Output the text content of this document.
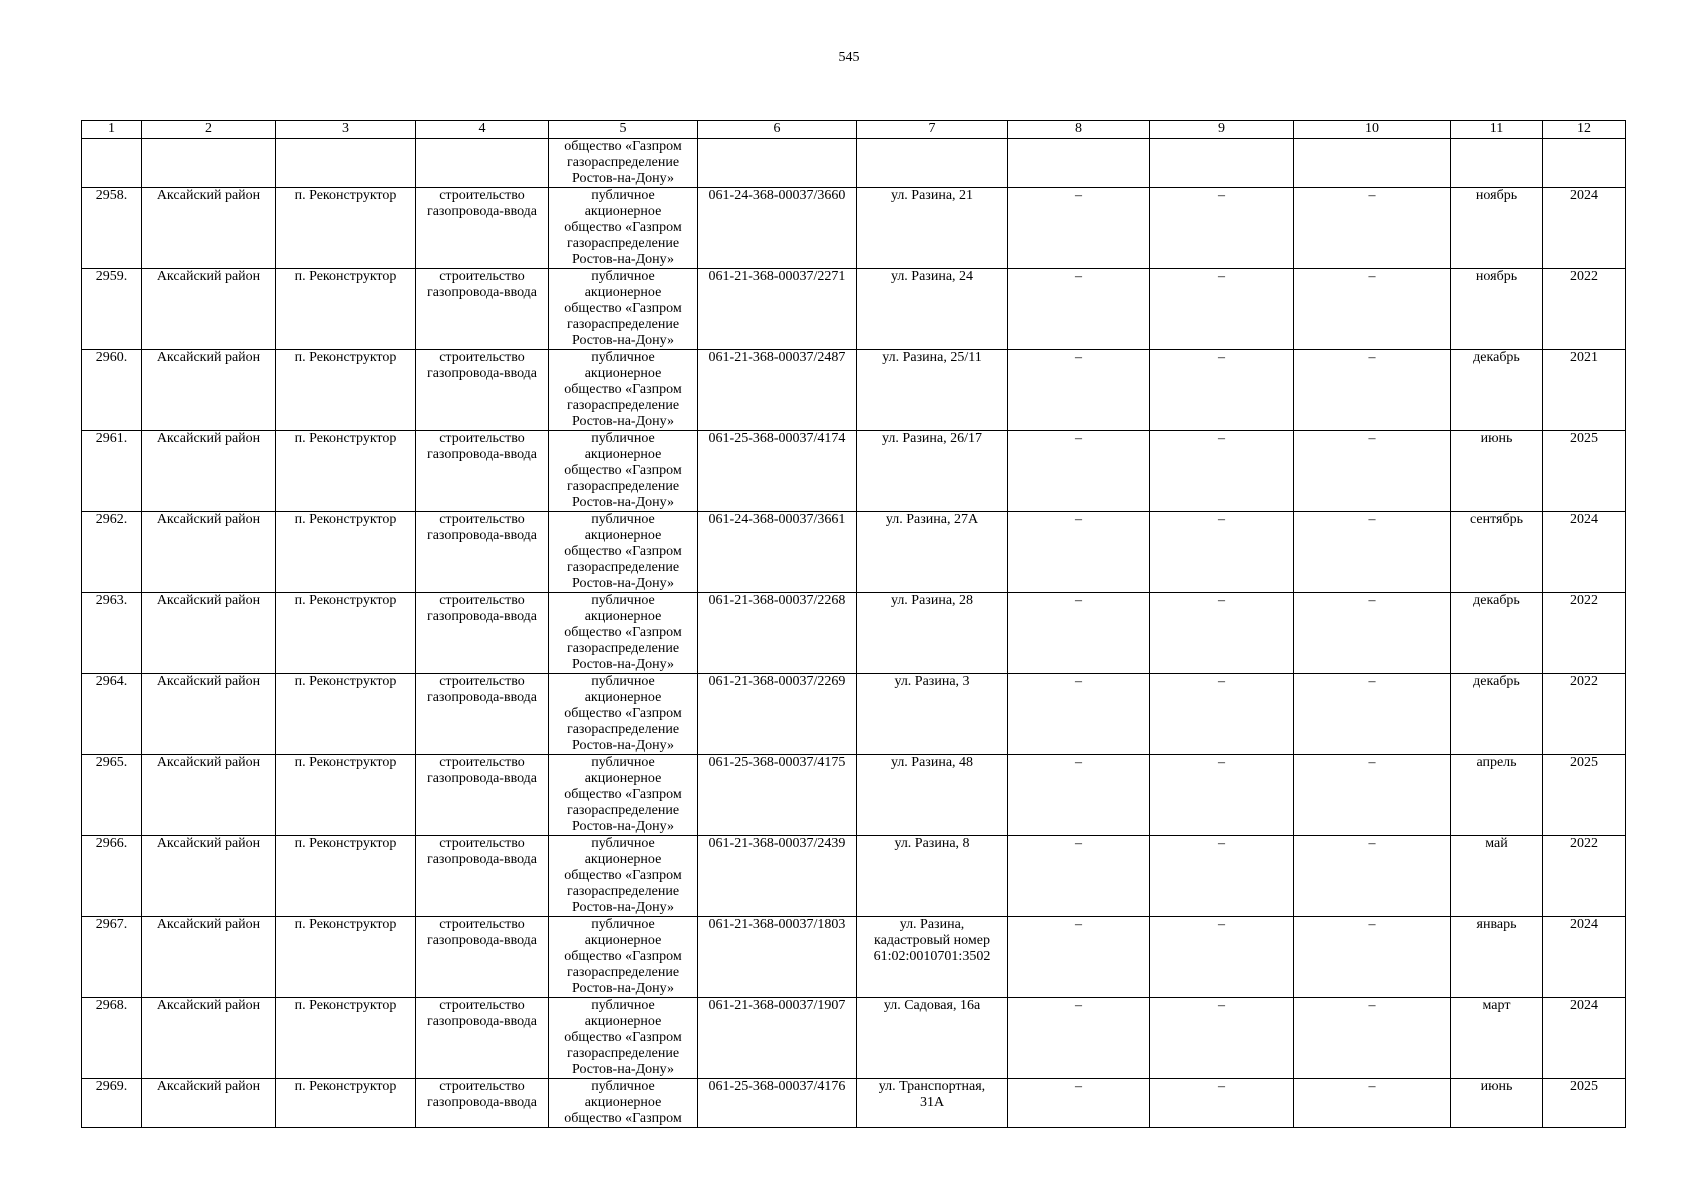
545
1	2	3	4	5	6	7	8	9	10	11	12

				общество «Газпром
газораспределение
Ростов-на-Дону»							

2958.	Аксайский район	п. Реконструктор	строительство газопровода-ввода	публичное
акционерное
общество «Газпром
газораспределение
Ростов-на-Дону»	061-24-368-00037/3660	ул. Разина, 21	–	–	–	ноябрь	2024

2959.	Аксайский район	п. Реконструктор	строительство газопровода-ввода	публичное
акционерное
общество «Газпром
газораспределение
Ростов-на-Дону»	061-21-368-00037/2271	ул. Разина, 24	–	–	–	ноябрь	2022

2960.	Аксайский район	п. Реконструктор	строительство газопровода-ввода	публичное
акционерное
общество «Газпром
газораспределение
Ростов-на-Дону»	061-21-368-00037/2487	ул. Разина, 25/11	–	–	–	декабрь	2021

2961.	Аксайский район	п. Реконструктор	строительство газопровода-ввода	публичное
акционерное
общество «Газпром
газораспределение
Ростов-на-Дону»	061-25-368-00037/4174	ул. Разина, 26/17	–	–	–	июнь	2025

2962.	Аксайский район	п. Реконструктор	строительство газопровода-ввода	публичное
акционерное
общество «Газпром
газораспределение
Ростов-на-Дону»	061-24-368-00037/3661	ул. Разина, 27А	–	–	–	сентябрь	2024

2963.	Аксайский район	п. Реконструктор	строительство газопровода-ввода	публичное
акционерное
общество «Газпром
газораспределение
Ростов-на-Дону»	061-21-368-00037/2268	ул. Разина, 28	–	–	–	декабрь	2022

2964.	Аксайский район	п. Реконструктор	строительство газопровода-ввода	публичное
акционерное
общество «Газпром
газораспределение
Ростов-на-Дону»	061-21-368-00037/2269	ул. Разина, 3	–	–	–	декабрь	2022

2965.	Аксайский район	п. Реконструктор	строительство газопровода-ввода	публичное
акционерное
общество «Газпром
газораспределение
Ростов-на-Дону»	061-25-368-00037/4175	ул. Разина, 48	–	–	–	апрель	2025

2966.	Аксайский район	п. Реконструктор	строительство газопровода-ввода	публичное
акционерное
общество «Газпром
газораспределение
Ростов-на-Дону»	061-21-368-00037/2439	ул. Разина, 8	–	–	–	май	2022

2967.	Аксайский район	п. Реконструктор	строительство газопровода-ввода	публичное
акционерное
общество «Газпром
газораспределение
Ростов-на-Дону»	061-21-368-00037/1803	ул. Разина,
кадастровый номер
61:02:0010701:3502	–	–	–	январь	2024

2968.	Аксайский район	п. Реконструктор	строительство газопровода-ввода	публичное
акционерное
общество «Газпром
газораспределение
Ростов-на-Дону»	061-21-368-00037/1907	ул. Садовая, 16а	–	–	–	март	2024

2969.	Аксайский район	п. Реконструктор	строительство газопровода-ввода	публичное
акционерное
общество «Газпром	061-25-368-00037/4176	ул. Транспортная,
31А	–	–	–	июнь	2025
